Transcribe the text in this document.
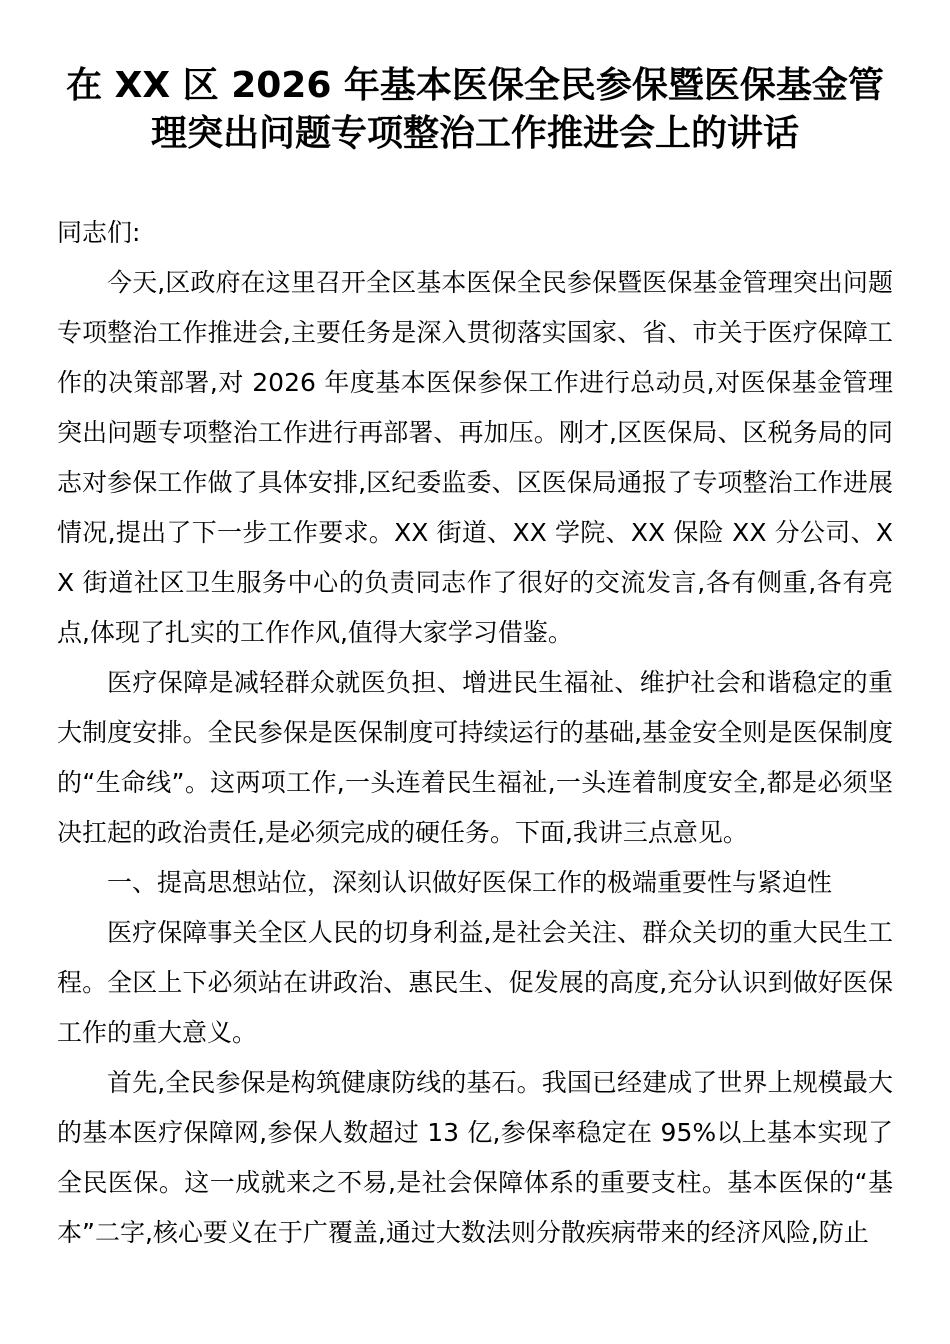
在 XX 区 2026 年基本医保全民参保暨医保基金管理突出问题专项整治工作推进会上的讲话

同志们:

今天,区政府在这里召开全区基本医保全民参保暨医保基金管理突出问题专项整治工作推进会,主要任务是深入贯彻落实国家、省、市关于医疗保障工作的决策部署,对 2026 年度基本医保参保工作进行总动员,对医保基金管理突出问题专项整治工作进行再部署、再加压。刚才,区医保局、区税务局的同志对参保工作做了具体安排,区纪委监委、区医保局通报了专项整治工作进展情况,提出了下一步工作要求。XX 街道、XX 学院、XX 保险 XX 分公司、XX 街道社区卫生服务中心的负责同志作了很好的交流发言,各有侧重,各有亮点,体现了扎实的工作作风,值得大家学习借鉴。

医疗保障是减轻群众就医负担、增进民生福祉、维护社会和谐稳定的重大制度安排。全民参保是医保制度可持续运行的基础,基金安全则是医保制度的“生命线”。这两项工作,一头连着民生福祉,一头连着制度安全,都是必须坚决扛起的政治责任,是必须完成的硬任务。下面,我讲三点意见。

一、提高思想站位，深刻认识做好医保工作的极端重要性与紧迫性

医疗保障事关全区人民的切身利益,是社会关注、群众关切的重大民生工程。全区上下必须站在讲政治、惠民生、促发展的高度,充分认识到做好医保工作的重大意义。

首先,全民参保是构筑健康防线的基石。我国已经建成了世界上规模最大的基本医疗保障网,参保人数超过 13 亿,参保率稳定在 95%以上基本实现了全民医保。这一成就来之不易,是社会保障体系的重要支柱。基本医保的“基本”二字,核心要义在于广覆盖,通过大数法则分散疾病带来的经济风险,防止
